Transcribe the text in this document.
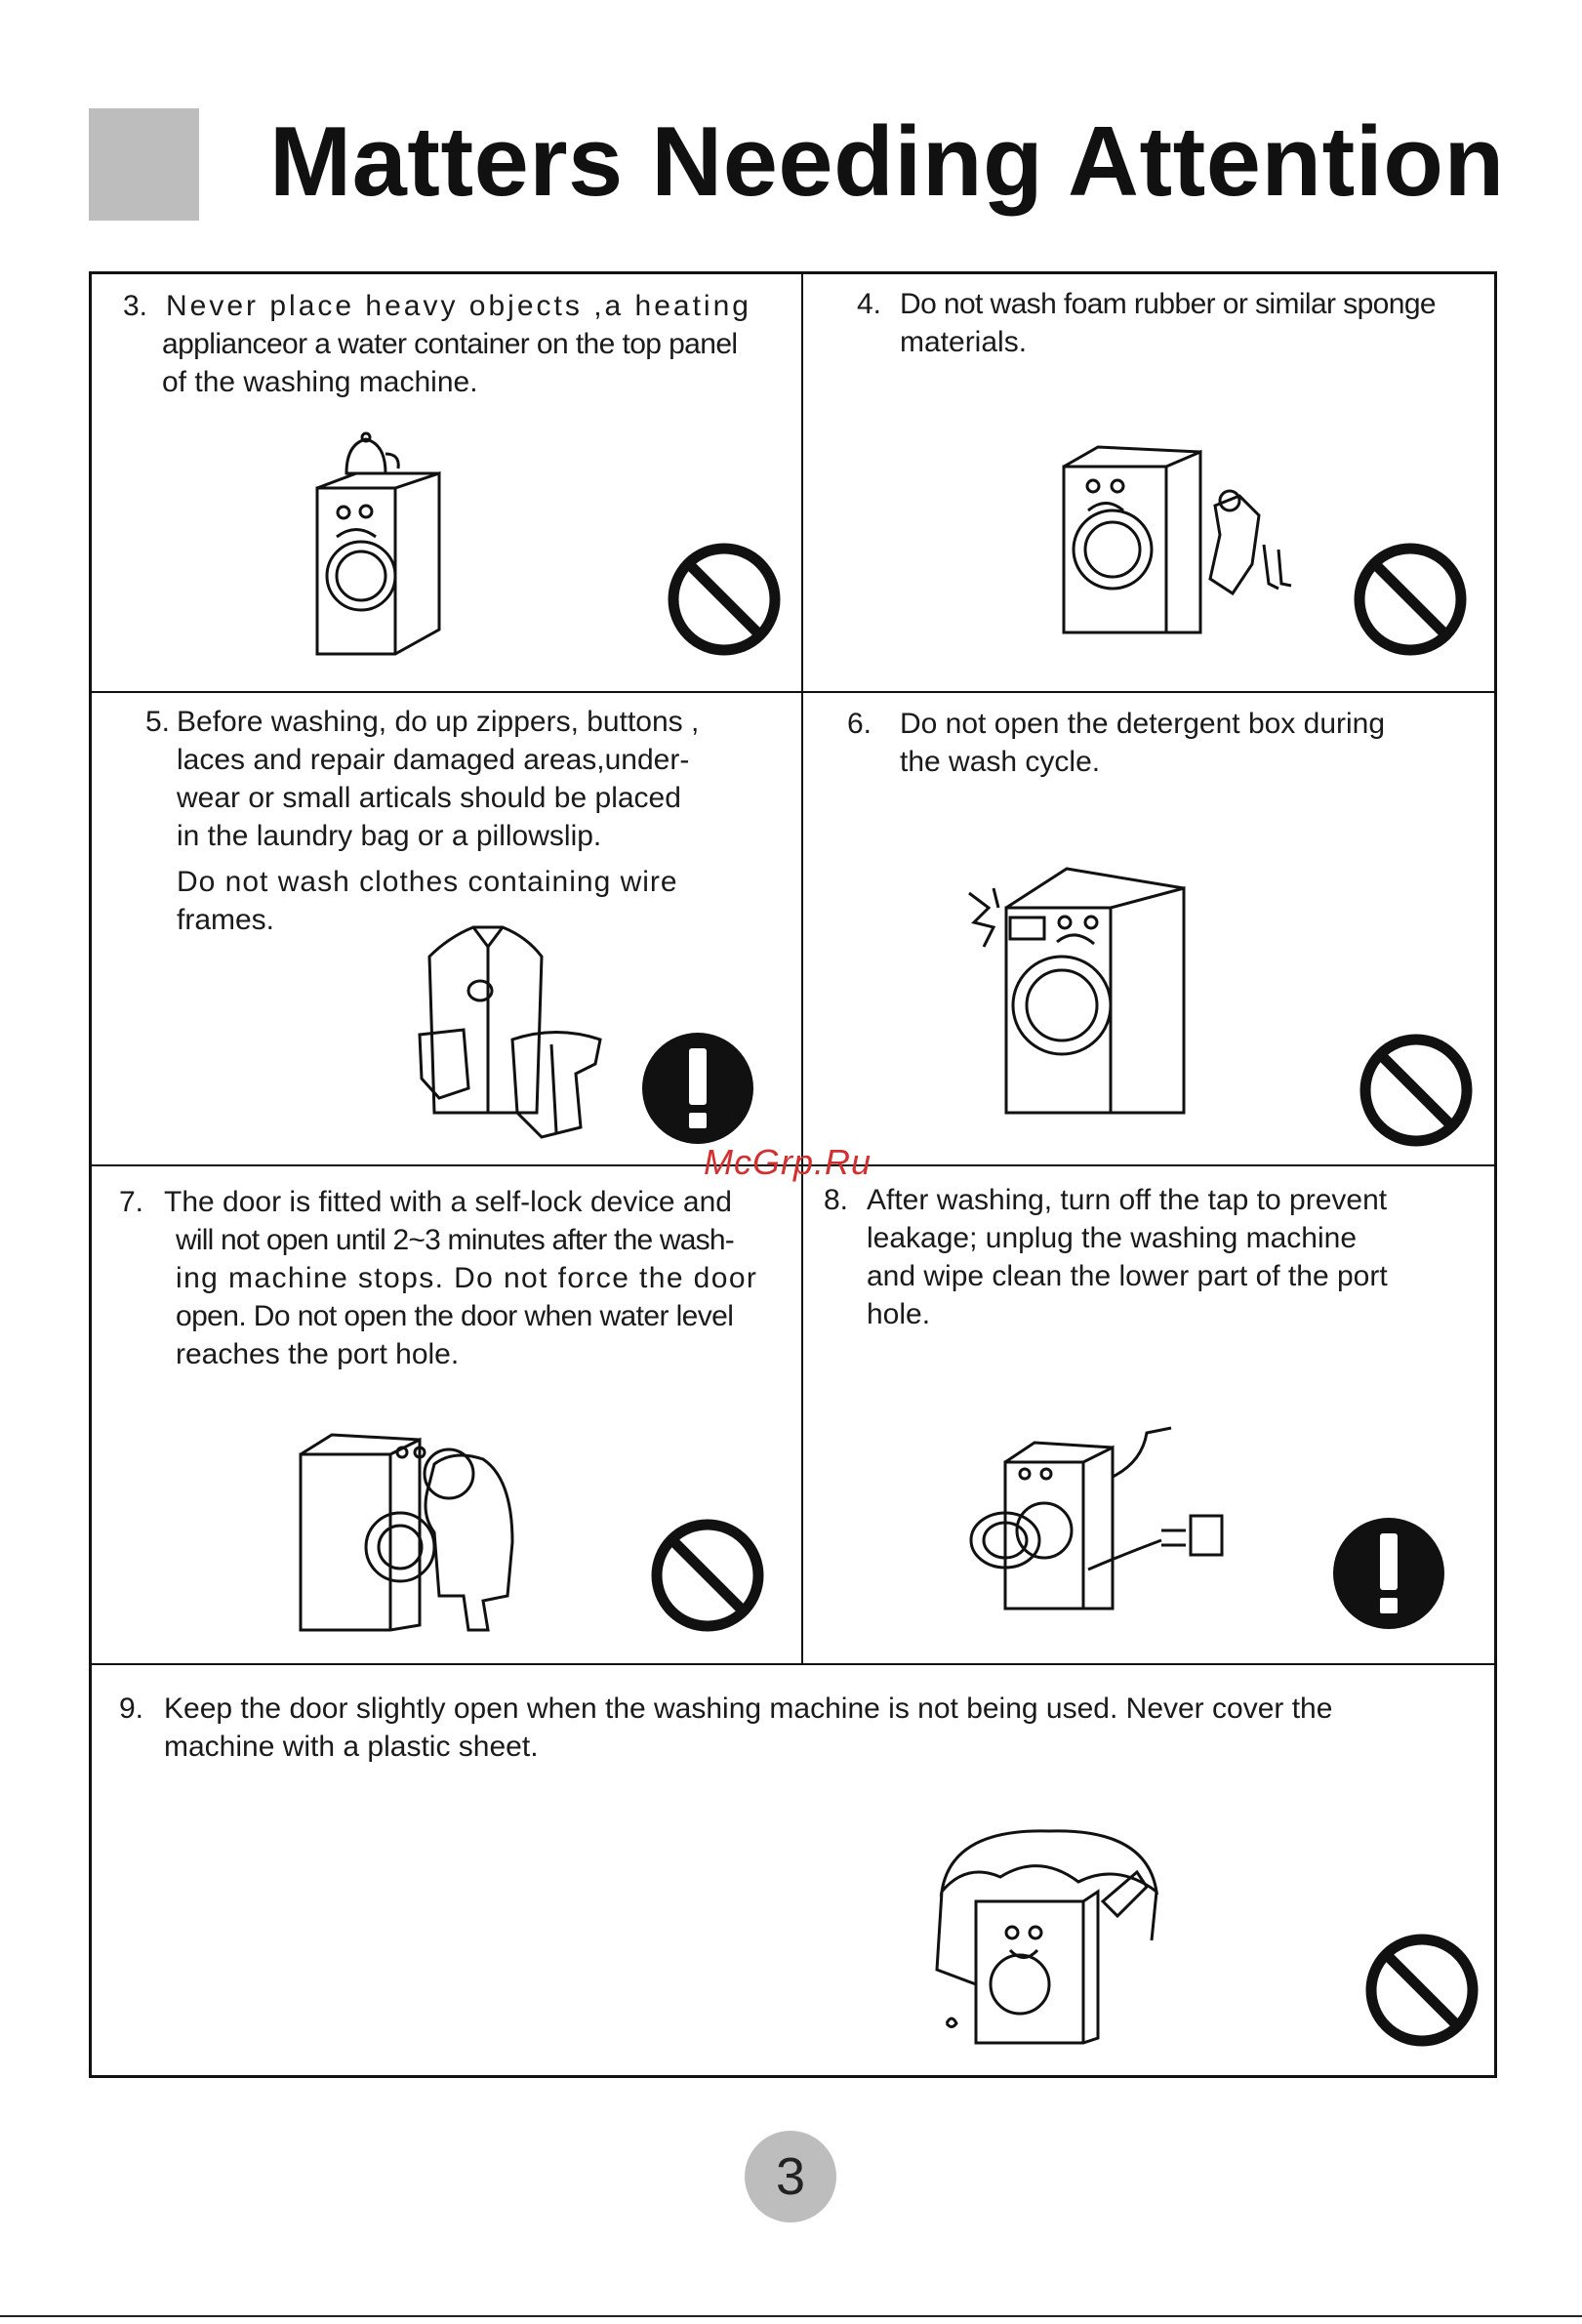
Matters Needing Attention
3. Never place heavy objects ,a heating

applianceor a water container on the top panel

of the washing machine.

4. Do not wash foam rubber or similar sponge

materials.

5. Before washing, do up zippers, buttons ,

laces and repair damaged areas,under-

wear or small articals should be placed

in the laundry bag or a pillowslip.

Do not wash clothes containing wire

frames.

6. Do not open the detergent box during

the wash cycle.

7. The door is fitted with a self-lock device and

will not open until 2~3 minutes after the wash-

ing machine stops. Do not force the door

open. Do not open the door when water level

reaches the port hole.

8. After washing, turn off the tap to prevent

leakage; unplug the washing machine

and wipe clean the lower part of the port

hole.

9. Keep the door slightly open when the washing machine is not being used. Never cover the

machine with a plastic sheet.

McGrp.Ru
3
